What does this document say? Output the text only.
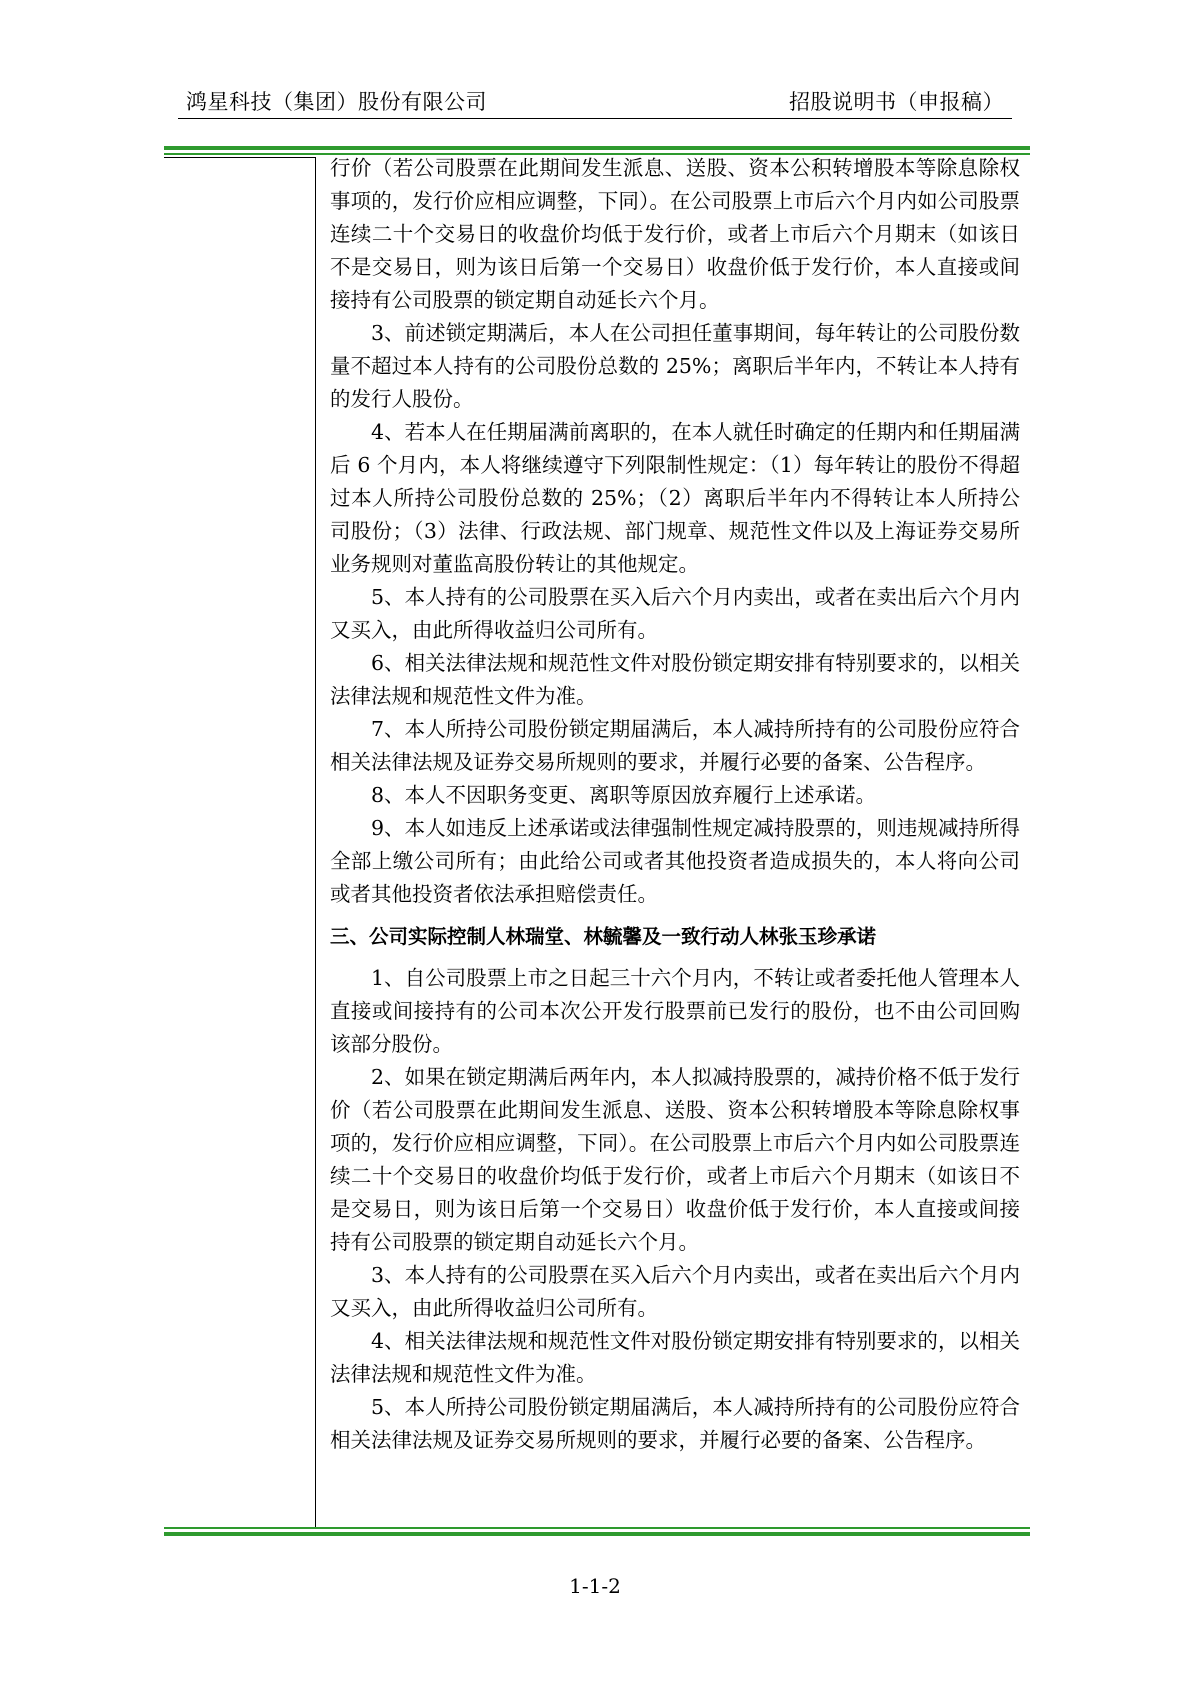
鸿星科技（集团）股份有限公司	招股说明书（申报稿）

行价（若公司股票在此期间发生派息、送股、资本公积转增股本等除息除权事项的，发行价应相应调整，下同）。在公司股票上市后六个月内如公司股票连续二十个交易日的收盘价均低于发行价，或者上市后六个月期末（如该日不是交易日，则为该日后第一个交易日）收盘价低于发行价，本人直接或间接持有公司股票的锁定期自动延长六个月。

3、前述锁定期满后，本人在公司担任董事期间，每年转让的公司股份数量不超过本人持有的公司股份总数的 25%；离职后半年内，不转让本人持有的发行人股份。

4、若本人在任期届满前离职的，在本人就任时确定的任期内和任期届满后 6 个月内，本人将继续遵守下列限制性规定：（1）每年转让的股份不得超过本人所持公司股份总数的 25%；（2）离职后半年内不得转让本人所持公司股份；（3）法律、行政法规、部门规章、规范性文件以及上海证券交易所业务规则对董监高股份转让的其他规定。

5、本人持有的公司股票在买入后六个月内卖出，或者在卖出后六个月内又买入，由此所得收益归公司所有。

6、相关法律法规和规范性文件对股份锁定期安排有特别要求的，以相关法律法规和规范性文件为准。

7、本人所持公司股份锁定期届满后，本人减持所持有的公司股份应符合相关法律法规及证券交易所规则的要求，并履行必要的备案、公告程序。

8、本人不因职务变更、离职等原因放弃履行上述承诺。

9、本人如违反上述承诺或法律强制性规定减持股票的，则违规减持所得全部上缴公司所有；由此给公司或者其他投资者造成损失的，本人将向公司或者其他投资者依法承担赔偿责任。

三、公司实际控制人林瑞堂、林毓馨及一致行动人林张玉珍承诺

1、自公司股票上市之日起三十六个月内，不转让或者委托他人管理本人直接或间接持有的公司本次公开发行股票前已发行的股份，也不由公司回购该部分股份。

2、如果在锁定期满后两年内，本人拟减持股票的，减持价格不低于发行价（若公司股票在此期间发生派息、送股、资本公积转增股本等除息除权事项的，发行价应相应调整，下同）。在公司股票上市后六个月内如公司股票连续二十个交易日的收盘价均低于发行价，或者上市后六个月期末（如该日不是交易日，则为该日后第一个交易日）收盘价低于发行价，本人直接或间接持有公司股票的锁定期自动延长六个月。

3、本人持有的公司股票在买入后六个月内卖出，或者在卖出后六个月内又买入，由此所得收益归公司所有。

4、相关法律法规和规范性文件对股份锁定期安排有特别要求的，以相关法律法规和规范性文件为准。

5、本人所持公司股份锁定期届满后，本人减持所持有的公司股份应符合相关法律法规及证券交易所规则的要求，并履行必要的备案、公告程序。

1-1-2
